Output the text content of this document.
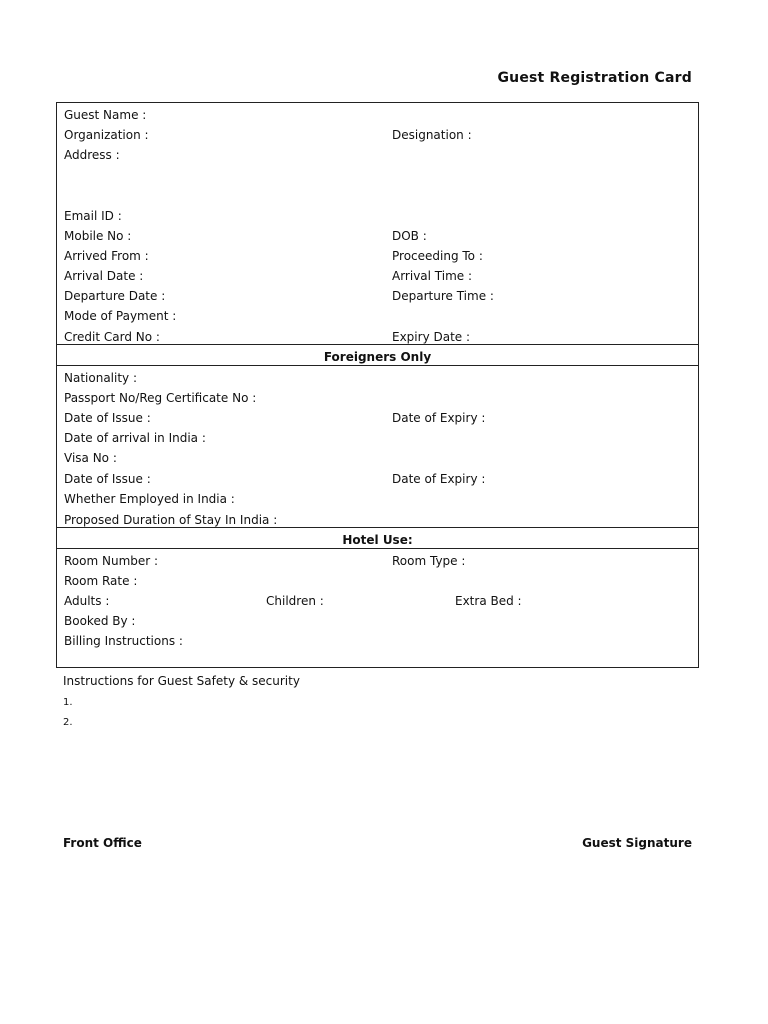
Guest Registration Card
Guest Name :
Organization :	Designation :
Address :
Email ID :
Mobile No :	DOB :
Arrived From :	Proceeding To :
Arrival Date :	Arrival Time :
Departure Date :	Departure Time :
Mode of Payment :
Credit Card No :	Expiry Date :
Foreigners Only
Nationality :
Passport No/Reg Certificate No :
Date of Issue :	Date of Expiry :
Date of arrival in India :
Visa No :
Date of Issue :	Date of Expiry :
Whether Employed in India :
Proposed Duration of Stay In India :
Hotel Use:
Room Number :	Room Type :
Room Rate :
Adults :	Children :	Extra Bed :
Booked By :
Billing Instructions :
Instructions for Guest Safety & security
1.
2.
Front Office	Guest Signature
